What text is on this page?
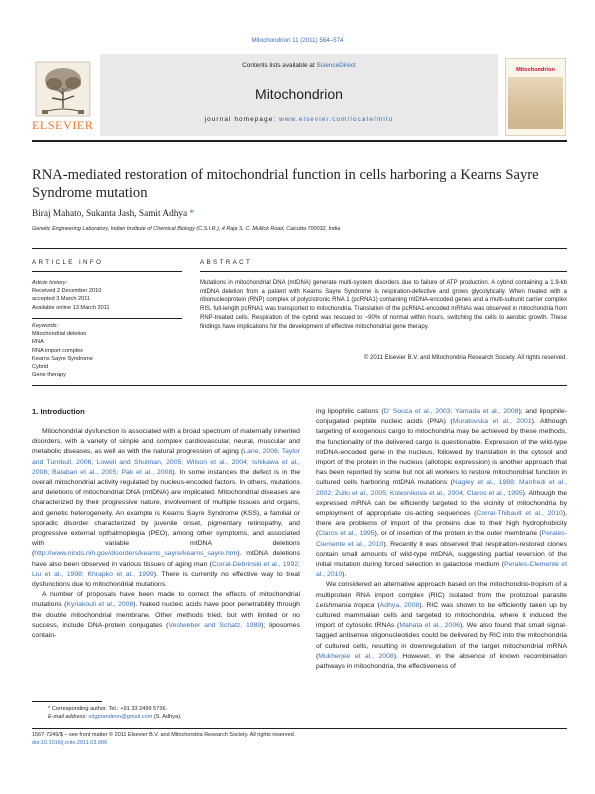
Mitochondrion 11 (2011) 564–574
ELSEVIER
Contents lists available at ScienceDirect
Mitochondrion
journal homepage: www.elsevier.com/locate/mito
Mitochondrion
RNA-mediated restoration of mitochondrial function in cells harboring a Kearns Sayre Syndrome mutation
Biraj Mahato, Sukanta Jash, Samit Adhya *
Genetic Engineering Laboratory, Indian Institute of Chemical Biology (C.S.I.R.), 4 Raja S. C. Mullick Road, Calcutta 700032, India
ARTICLE INFO	ABSTRACT
Article history:
Received 2 December 2010
accepted 3 March 2011
Available online 13 March 2011
Keywords:
Mitochondrial deletion
RNA
RNA import complex
Kearns Sayre Syndrome
Cybrid
Gene therapy
Mutations in mitochondrial DNA (mtDNA) generate multi-system disorders due to failure of ATP production. A cybrid containing a 1.9-kb mtDNA deletion from a patient with Kearns Sayre Syndrome is respiration-defective and grows glycolytically. When treated with a ribonucleoprotein (RNP) complex of polycistronic RNA 1 (pcRNA1) containing mtDNA-encoded genes and a multi-subunit carrier complex RIS, full-length pcRNA1 was transported to mitochondria. Translation of the pcRNA1-encoded mRNAs was observed in mitochondria from RNP-treated cells. Respiration of the cybrid was rescued to ~90% of normal within hours, switching the cells to aerobic growth. These findings have implications for the development of effective mitochondrial gene therapy.
© 2011 Elsevier B.V. and Mitochondria Research Society. All rights reserved.
1. Introduction

Mitochondrial dysfunction is associated with a broad spectrum of maternally inherited disorders, with a variety of simple and complex cardiovascular, neural, muscular and metabolic diseases, as well as with the natural progression of aging (Lane, 2006; Taylor and Turnbull, 2006; Lowell and Shulman, 2005; Wilson et al., 2004; Ishikawa et al., 2008; Balaban et al., 2005; Pak et al., 2008). In some instances the defect is in the overall mitochondrial activity regulated by nucleus-encoded factors. In others, mutations and deletions of mitochondrial DNA (mtDNA) are implicated. Mitochondrial diseases are characterized by their progressive nature, involvement of multiple tissues and organs, and genetic heterogeneity. An example is Kearns Sayre Syndrome (KSS), a familial or sporadic disorder characterized by juvenile onset, pigmentary retinopathy, and progressive external opthalmoplegia (PEO), among other symptoms, and associated with variable mtDNA deletions (http://www.ninds.nih.gov/disorders/kearns_sayre/kearns_sayre.htm). mtDNA deletions have also been observed in various tissues of aging man (Corral-Debrinski et al., 1992; Liu et al., 1998; Khrapko et al., 1999). There is currently no effective way to treat dysfunctions due to mitochondrial mutations.

A number of proposals have been made to correct the effects of mitochondrial mutations (Kyriakouli et al., 2008). Naked nucleic acids have poor penetrability through the double mitochondrial membrane. Other methods tried, but with limited or no success, include DNA-protein conjugates (Vestweber and Schatz, 1989); liposomes contain-

ing lipophilic cations (D' Souza et al., 2003; Yamada et al., 2008); and lipophile-conjugated peptide nucleic acids (PNA) (Muratovska et al., 2001). Although targeting of exogenous cargo to mitochondria may be achieved by these methods, the functionality of the delivered cargo is questionable. Expression of the wild-type mtDNA-encoded gene in the nucleus, followed by translation in the cytosol and import of the protein in the nucleus (allotopic expression) is another approach that has been reported by some but not all workers to restore mitochondrial function in cultured cells harboring mtDNA mutations (Nagley et al., 1988; Manfredi et al., 2002; Zullo et al., 2005; Kolesnikova et al., 2004; Claros et al., 1995). Although the expressed mRNA can be efficiently targeted to the vicinity of mitochondria by employment of appropriate cis-acting sequences (Corral-Thibault et al., 2010), there are problems of import of the proteins due to their high hydrophobicity (Claros et al., 1995), or of insertion of the protein in the outer membrane (Perales-Clemente et al., 2010). Recently it was observed that respiration-restored clones contain small amounts of wild-type mtDNA, suggesting partial reversion of the initial mutation during forced selection in galactose medium (Perales-Clemente et al., 2010).

We considered an alternative approach based on the mitochondrio-tropism of a multiprotein RNA import complex (RIC) isolated from the protozoal parasite Leishmania tropica (Adhya, 2008). RIC was shown to be efficiently taken up by cultured mammalian cells and targeted to mitochondria, where it induced the import of cytosolic tRNAs (Mahata et al., 2006). We also found that small signal-tagged antisense oligonucleotides could be delivered by RIC into the mitochondria of cultured cells, resulting in downregulation of the target mitochondrial mRNA (Mukherjee et al., 2008). However, in the absence of known recombination pathways in mitochondria, the effectiveness of

* Corresponding author. Tel.: +91 33 2499 5736.
E-mail address: sdgprandeon@gmail.com (S. Adhya).
1567-7249/$ – see front matter © 2011 Elsevier B.V. and Mitochondria Research Society. All rights reserved.
doi:10.1016/j.mito.2011.03.006
